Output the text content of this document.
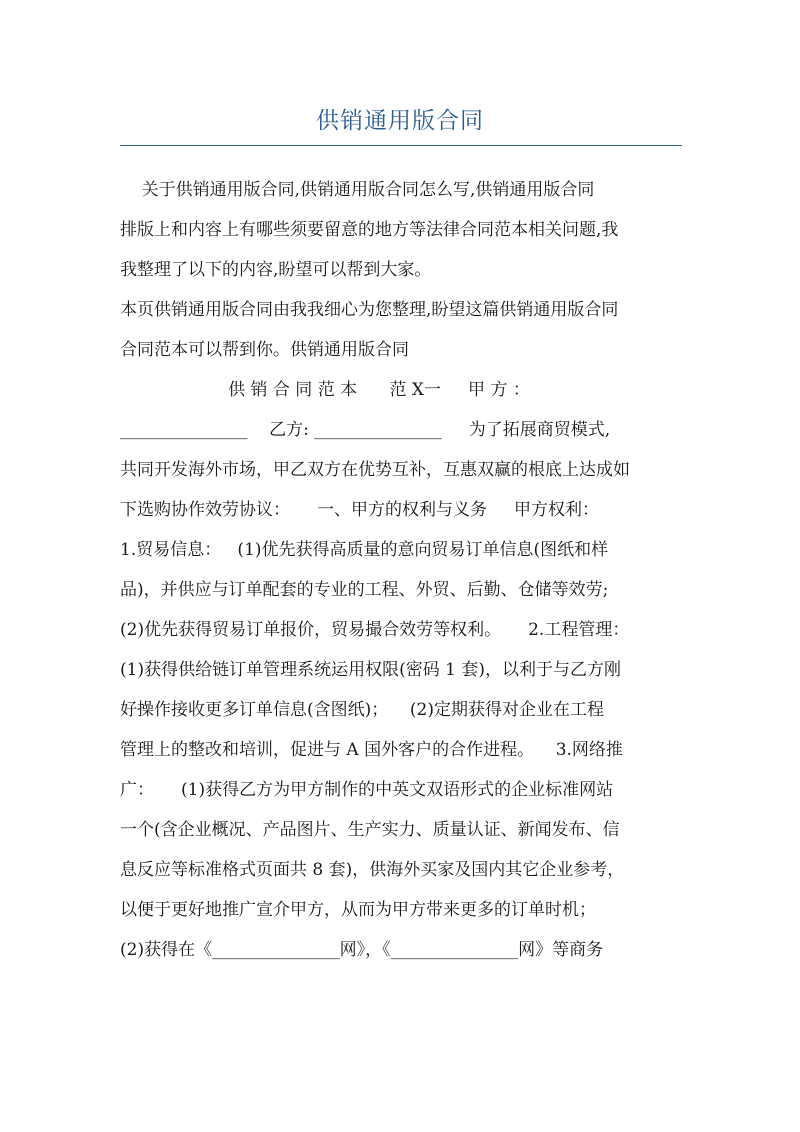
供销通用版合同
关于供销通用版合同,供销通用版合同怎么写,供销通用版合同
排版上和内容上有哪些须要留意的地方等法律合同范本相关问题,我
我整理了以下的内容,盼望可以帮到大家。
本页供销通用版合同由我我细心为您整理,盼望这篇供销通用版合同
合同范本可以帮到你。供销通用版合同
供 销 合 同 范 本      范 X一     甲 方 ：
_______________    乙方: _______________     为了拓展商贸模式,
共同开发海外市场，甲乙双方在优势互补，互惠双赢的根底上达成如
下选购协作效劳协议：     一、甲方的权利与义务     甲方权利：
1.贸易信息：   (1)优先获得高质量的意向贸易订单信息(图纸和样
品)，并供应与订单配套的专业的工程、外贸、后勤、仓储等效劳;
(2)优先获得贸易订单报价，贸易撮合效劳等权利。     2.工程管理：
(1)获得供给链订单管理系统运用权限(密码 1 套)，以利于与乙方刚
好操作接收更多订单信息(含图纸)；    (2)定期获得对企业在工程
管理上的整改和培训，促进与 A 国外客户的合作进程。    3.网络推
广：     (1)获得乙方为甲方制作的中英文双语形式的企业标准网站
一个(含企业概况、产品图片、生产实力、质量认证、新闻发布、信
息反应等标准格式页面共 8 套)，供海外买家及国内其它企业参考，
以便于更好地推广宣介甲方，从而为甲方带来更多的订单时机；
(2)获得在《_______________网》，《_______________网》等商务
